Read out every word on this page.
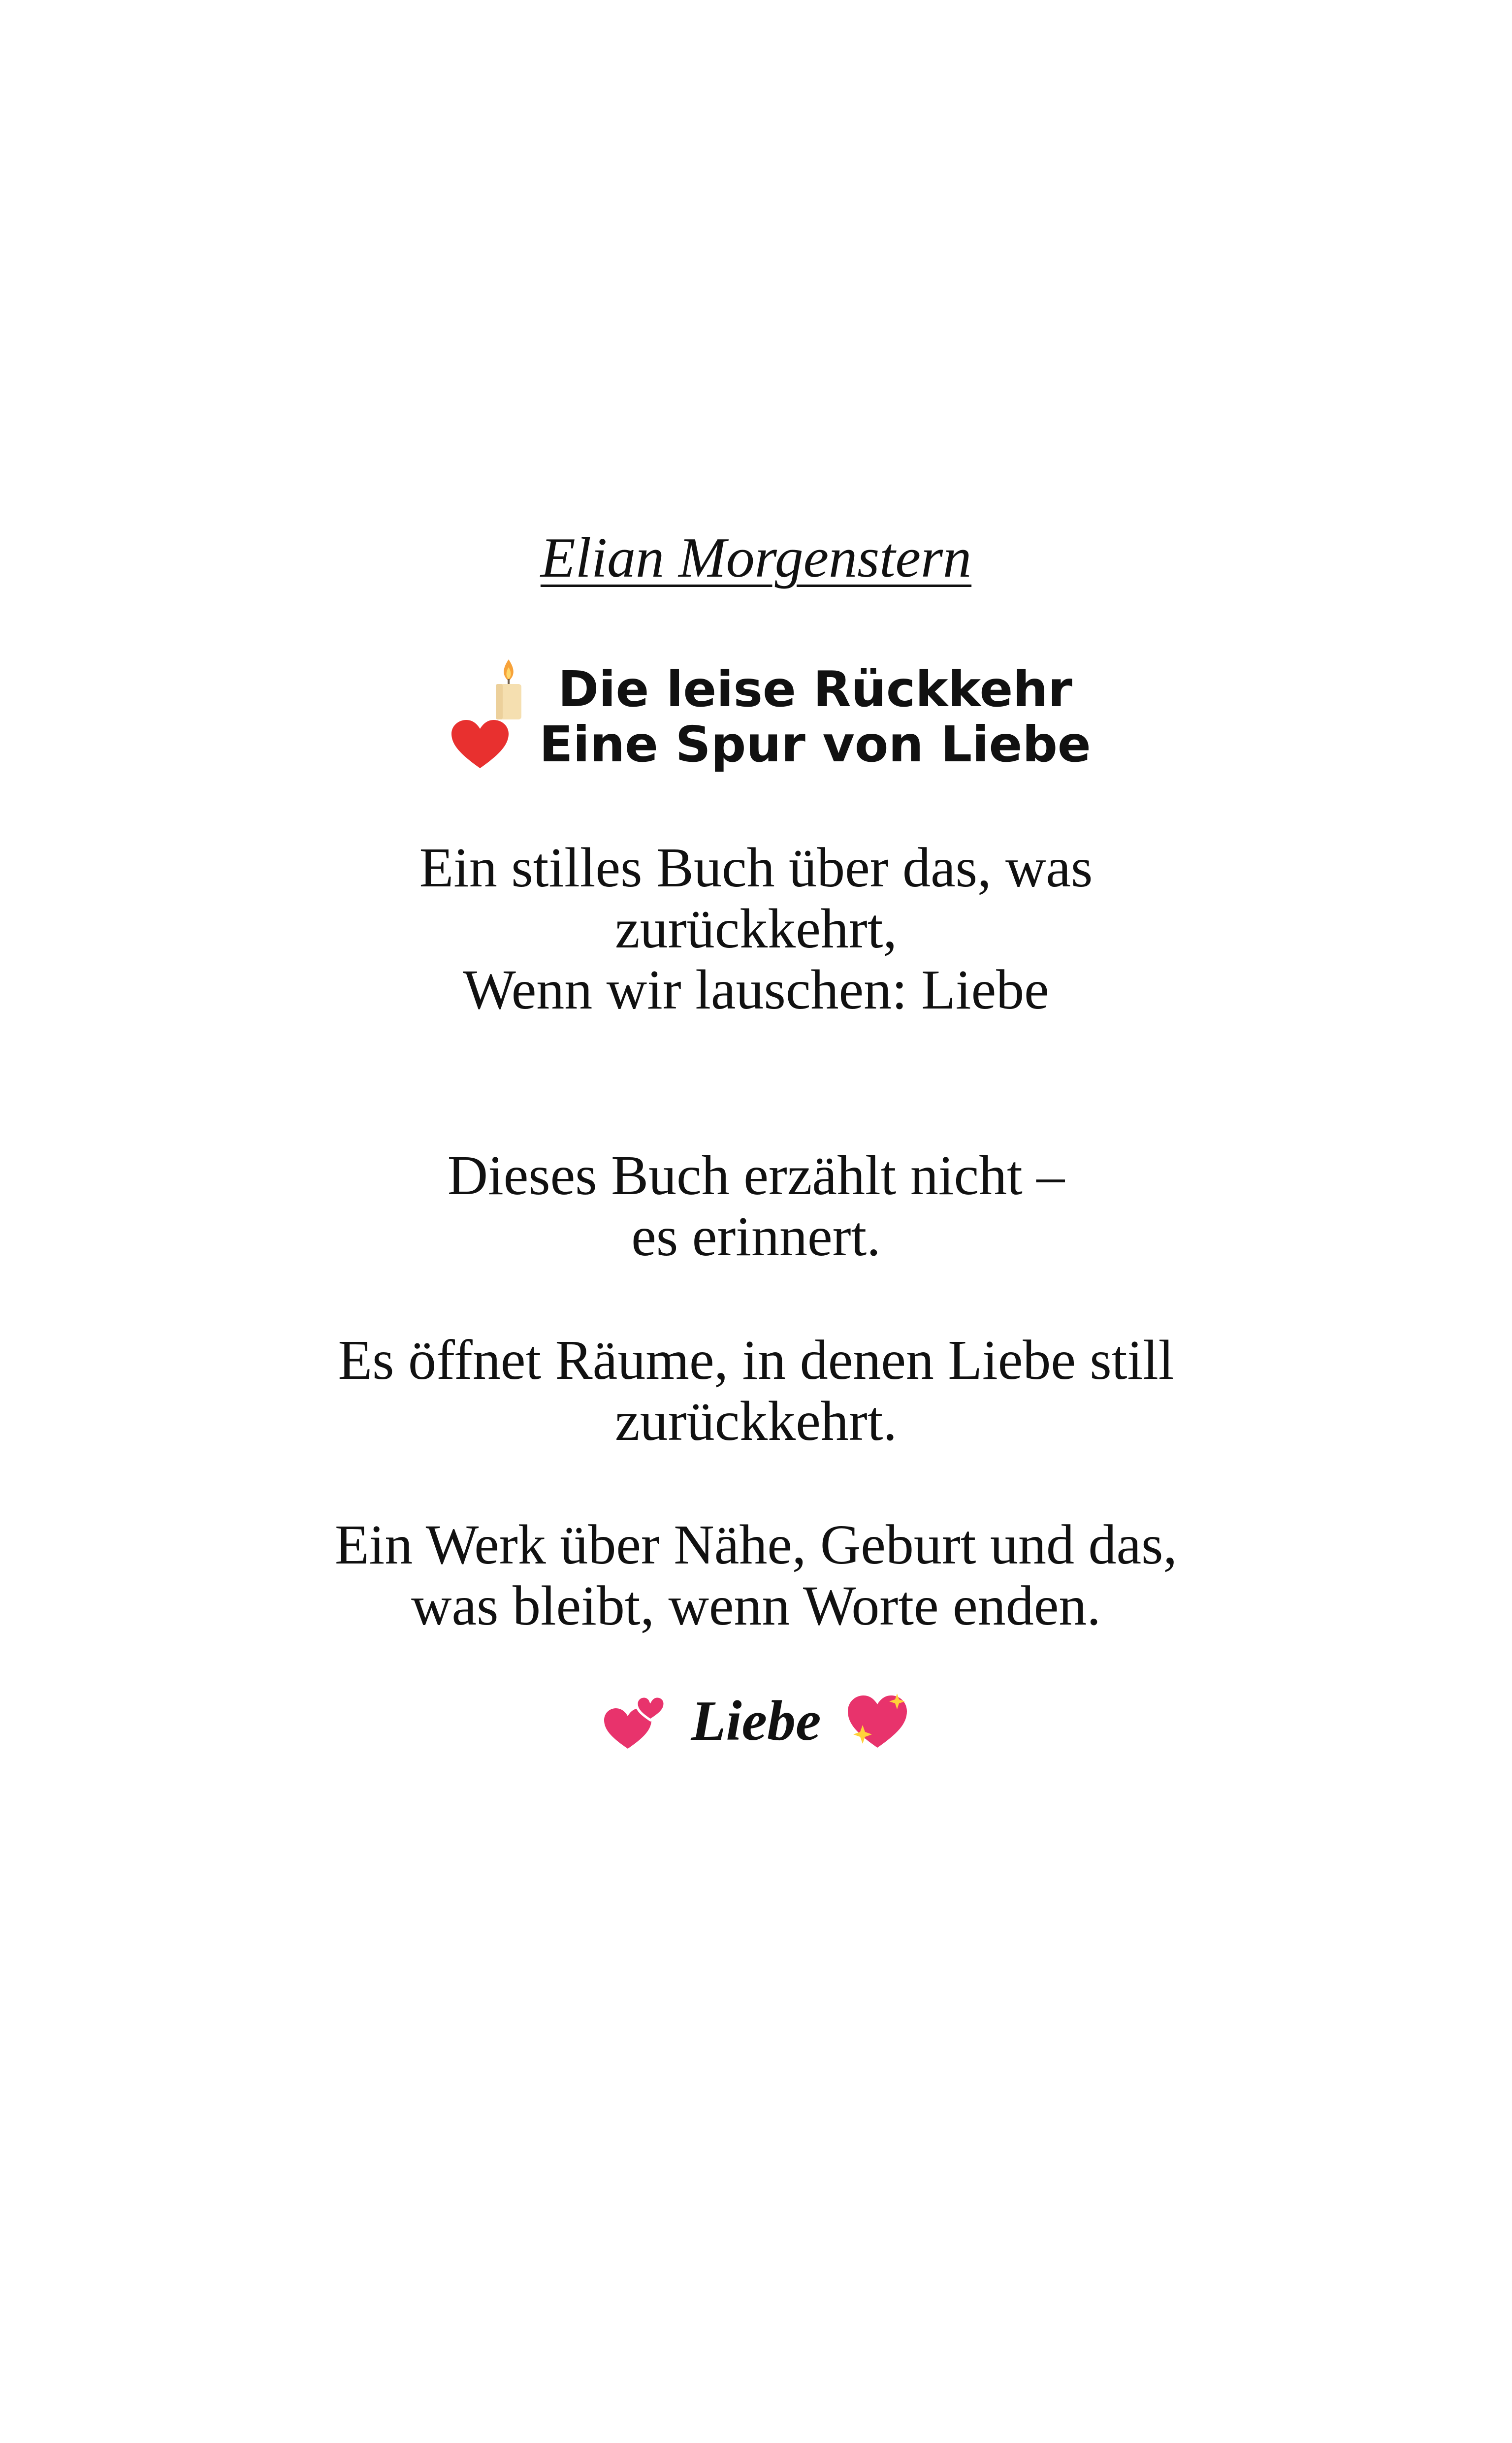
Elian Morgenstern
Die leise Rückkehr
Eine Spur von Liebe
Ein stilles Buch über das, was
zurückkehrt,
Wenn wir lauschen: Liebe
Dieses Buch erzählt nicht –
es erinnert.
Es öffnet Räume, in denen Liebe still
zurückkehrt.
Ein Werk über Nähe, Geburt und das,
was bleibt, wenn Worte enden.
Liebe
